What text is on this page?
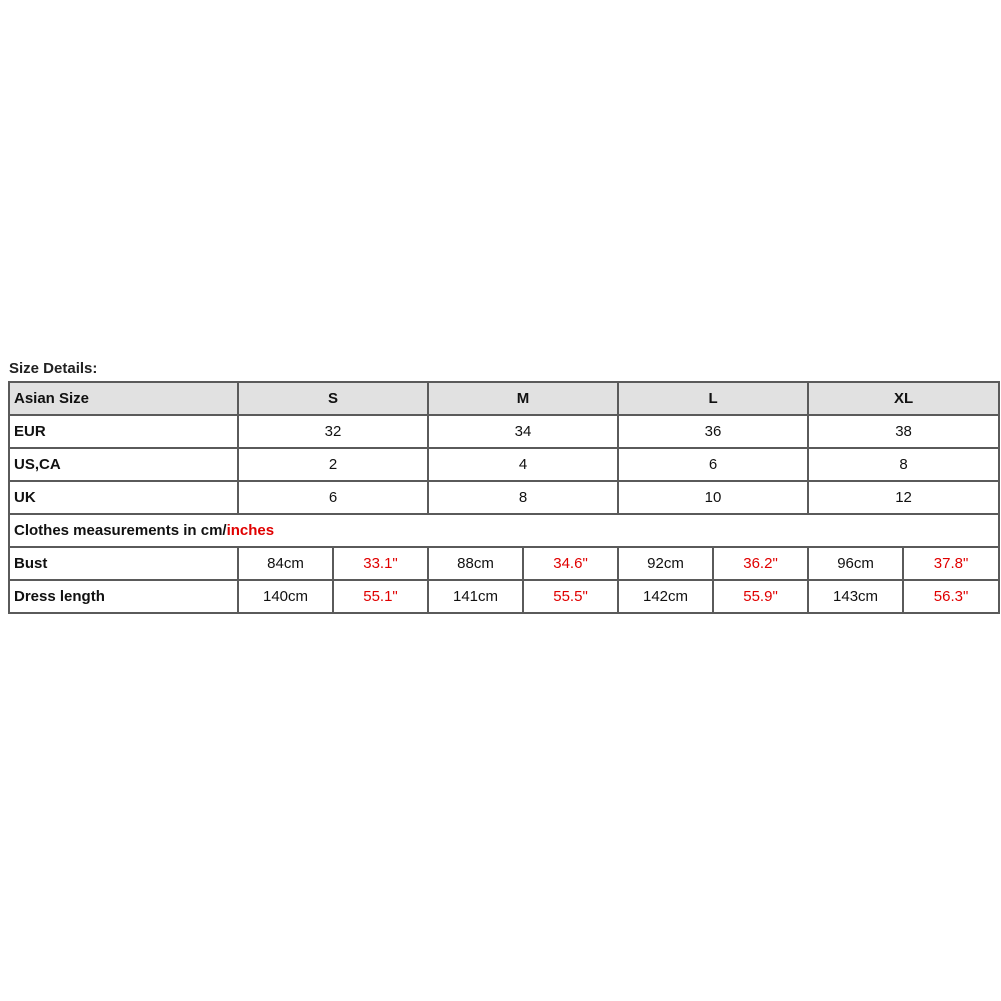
Size Details:
Asian Size	S		M		L		XL	
EUR	32		34		36		38	
US,CA	2		4		6		8	
UK	6		8		10		12	
Clothes measurements in cm/inches								
Bust	84cm	33.1"	88cm	34.6"	92cm	36.2"	96cm	37.8"
Dress length	140cm	55.1"	141cm	55.5"	142cm	55.9"	143cm	56.3"
